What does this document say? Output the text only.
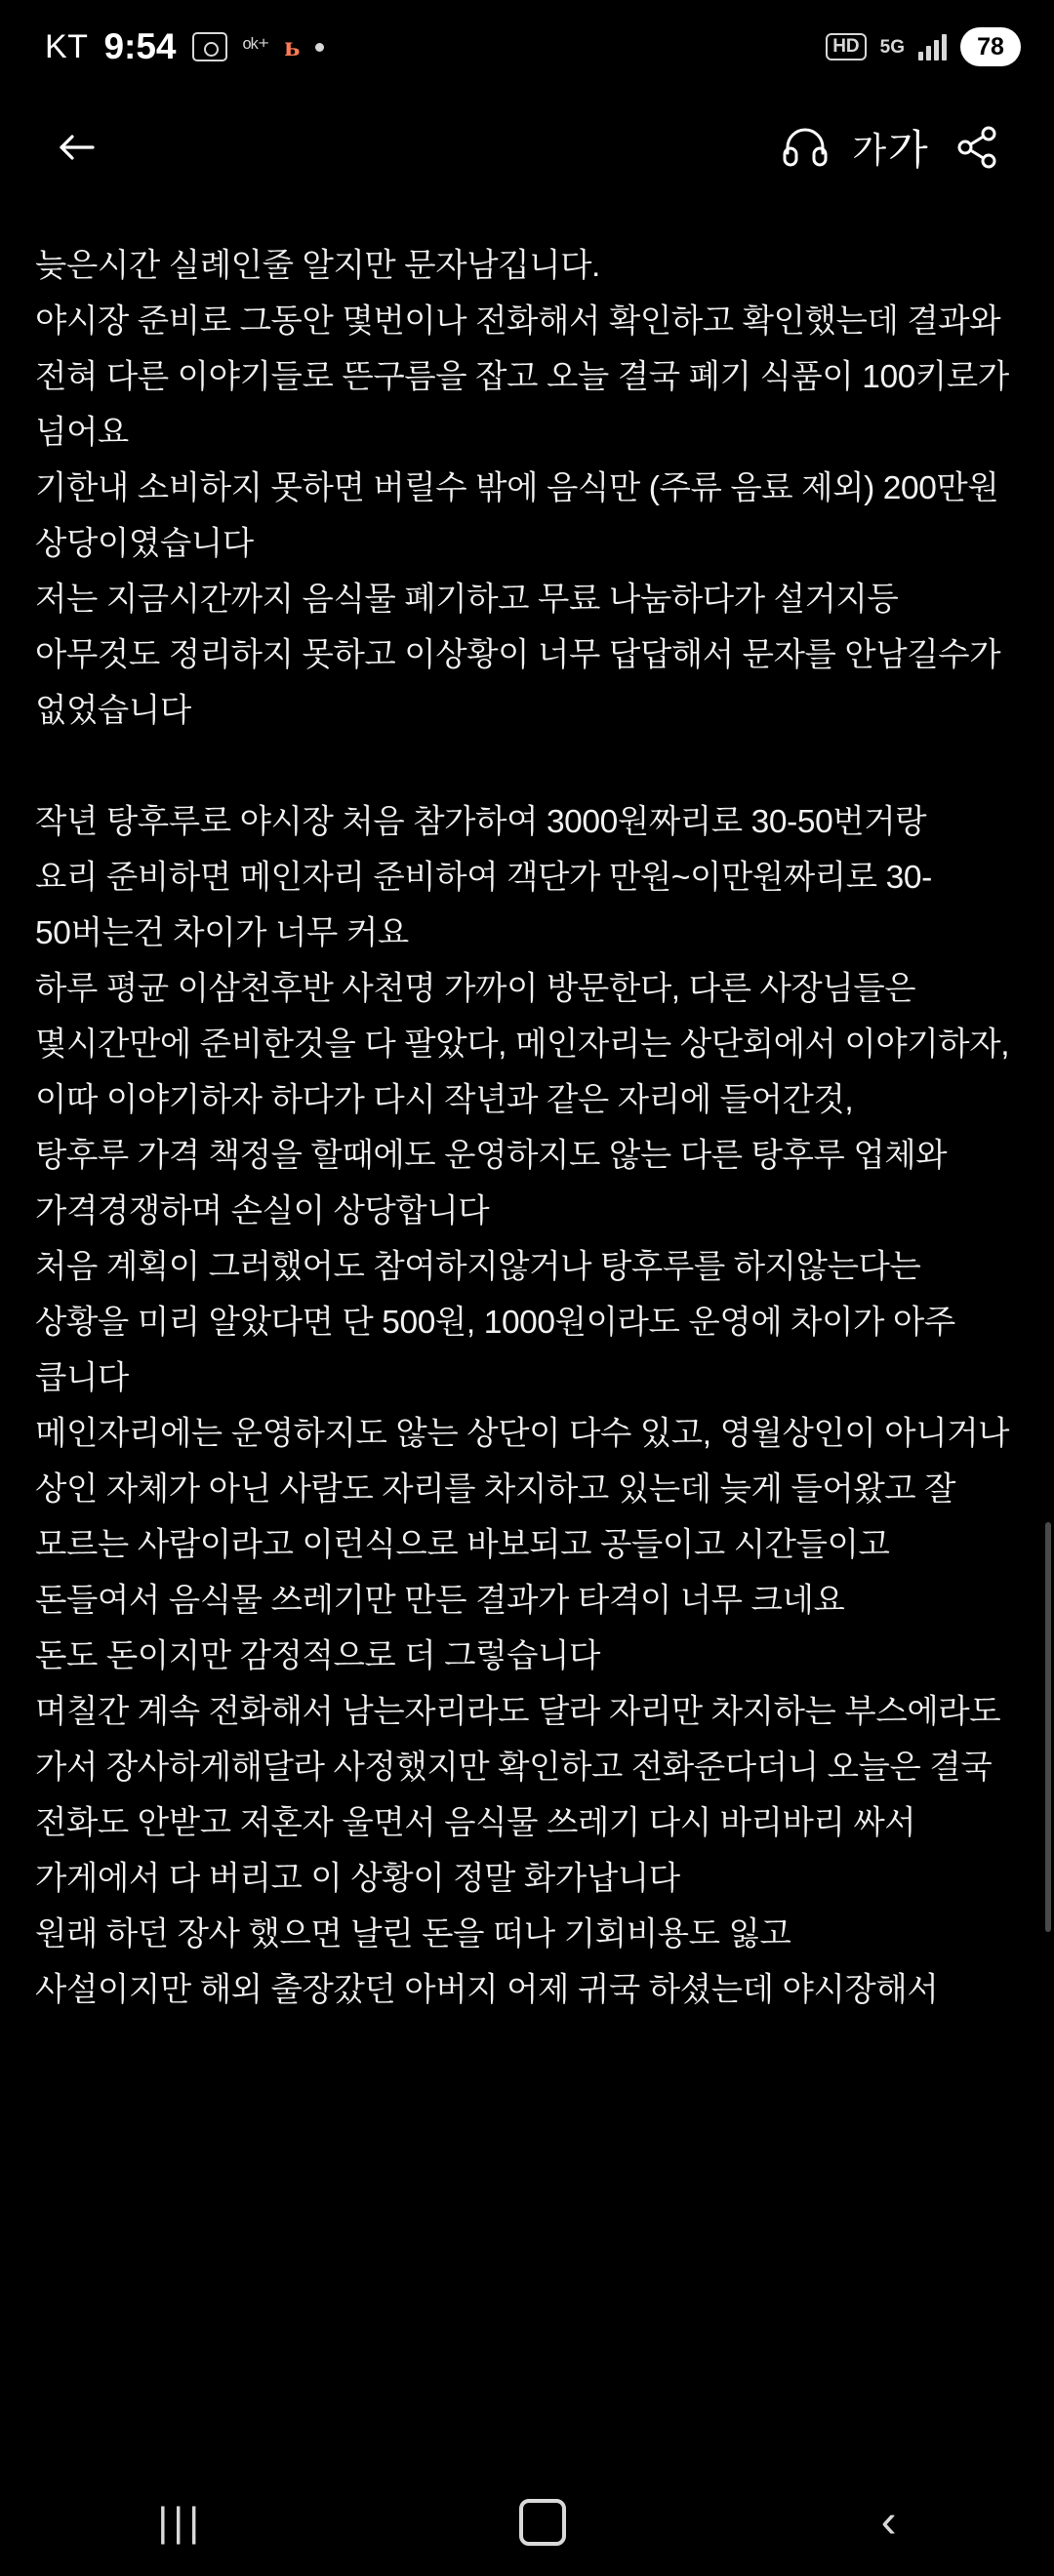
KT 9:54	ᵒᵏ⁺ ь	HD	5G	78
가 가

늦은시간 실례인줄 알지만 문자남깁니다.

야시장 준비로 그동안 몇번이나 전화해서 확인하고 확인했는데 결과와 전혀 다른 이야기들로 뜬구름을 잡고 오늘 결국 폐기 식품이 100키로가 넘어요

기한내 소비하지 못하면 버릴수 밖에 음식만 (주류 음료 제외) 200만원 상당이였습니다

저는 지금시간까지 음식물 폐기하고 무료 나눔하다가 설거지등 아무것도 정리하지 못하고 이상황이 너무 답답해서 문자를 안남길수가 없었습니다

작년 탕후루로 야시장 처음 참가하여 3000원짜리로 30-50번거랑

요리 준비하면 메인자리 준비하여 객단가 만원~이만원짜리로 30-50버는건 차이가 너무 커요

하루 평균 이삼천후반 사천명 가까이 방문한다, 다른 사장님들은 몇시간만에 준비한것을 다 팔았다, 메인자리는 상단회에서 이야기하자, 이따 이야기하자 하다가 다시 작년과 같은 자리에 들어간것,

탕후루 가격 책정을 할때에도 운영하지도 않는 다른 탕후루 업체와 가격경쟁하며 손실이 상당합니다

처음 계획이 그러했어도 참여하지않거나 탕후루를 하지않는다는 상황을 미리 알았다면 단 500원, 1000원이라도 운영에 차이가 아주 큽니다

메인자리에는 운영하지도 않는 상단이 다수 있고, 영월상인이 아니거나 상인 자체가 아닌 사람도 자리를 차지하고 있는데 늦게 들어왔고 잘 모르는 사람이라고 이런식으로 바보되고 공들이고 시간들이고 돈들여서 음식물 쓰레기만 만든 결과가 타격이 너무 크네요

돈도 돈이지만 감정적으로 더 그렇습니다

며칠간 계속 전화해서 남는자리라도 달라 자리만 차지하는 부스에라도 가서 장사하게해달라 사정했지만 확인하고 전화준다더니 오늘은 결국 전화도 안받고 저혼자 울면서 음식물 쓰레기 다시 바리바리 싸서 가게에서 다 버리고 이 상황이 정말 화가납니다

원래 하던 장사 했으면 날린 돈을 떠나 기회비용도 잃고

사설이지만 해외 출장갔던 아버지 어제 귀국 하셨는데 야시장해서

|||	‹
